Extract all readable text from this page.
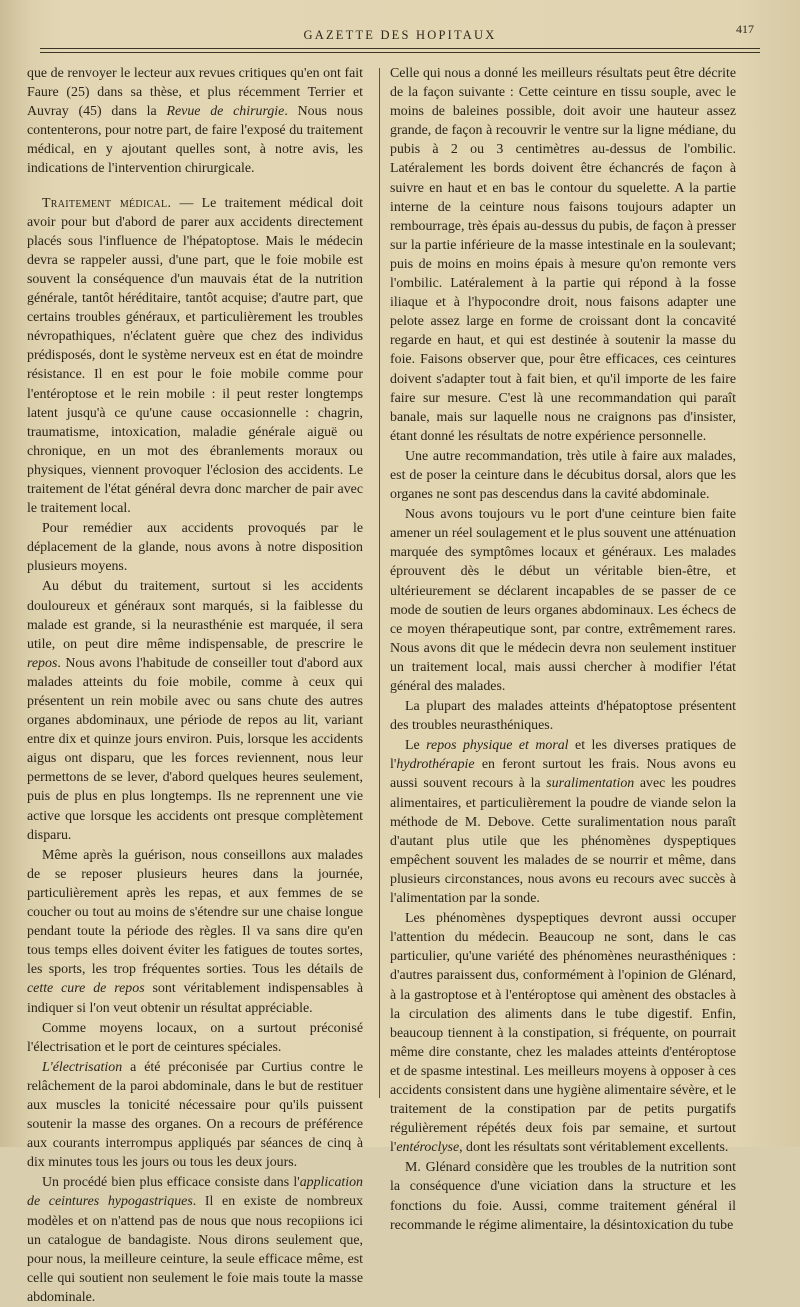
GAZETTE DES HOPITAUX	417

que de renvoyer le lecteur aux revues critiques qu'en ont fait Faure (25) dans sa thèse, et plus récemment Terrier et Auvray (45) dans la Revue de chirurgie. Nous nous contenterons, pour notre part, de faire l'exposé du traitement médical, en y ajoutant quelles sont, à notre avis, les indications de l'intervention chirurgicale.

Traitement médical. — Le traitement médical doit avoir pour but d'abord de parer aux accidents directement placés sous l'influence de l'hépatoptose. Mais le médecin devra se rappeler aussi, d'une part, que le foie mobile est souvent la conséquence d'un mauvais état de la nutrition générale, tantôt héréditaire, tantôt acquise; d'autre part, que certains troubles généraux, et particulièrement les troubles névropathiques, n'éclatent guère que chez des individus prédisposés, dont le système nerveux est en état de moindre résistance. Il en est pour le foie mobile comme pour l'entéroptose et le rein mobile : il peut rester longtemps latent jusqu'à ce qu'une cause occasionnelle : chagrin, traumatisme, intoxication, maladie générale aiguë ou chronique, en un mot des ébranlements moraux ou physiques, viennent provoquer l'éclosion des accidents. Le traitement de l'état général devra donc marcher de pair avec le traitement local.

Pour remédier aux accidents provoqués par le déplacement de la glande, nous avons à notre disposition plusieurs moyens.

Au début du traitement, surtout si les accidents douloureux et généraux sont marqués, si la faiblesse du malade est grande, si la neurasthénie est marquée, il sera utile, on peut dire même indispensable, de prescrire le repos. Nous avons l'habitude de conseiller tout d'abord aux malades atteints du foie mobile, comme à ceux qui présentent un rein mobile avec ou sans chute des autres organes abdominaux, une période de repos au lit, variant entre dix et quinze jours environ. Puis, lorsque les accidents aigus ont disparu, que les forces reviennent, nous leur permettons de se lever, d'abord quelques heures seulement, puis de plus en plus longtemps. Ils ne reprennent une vie active que lorsque les accidents ont presque complètement disparu.

Même après la guérison, nous conseillons aux malades de se reposer plusieurs heures dans la journée, particulièrement après les repas, et aux femmes de se coucher ou tout au moins de s'étendre sur une chaise longue pendant toute la période des règles. Il va sans dire qu'en tous temps elles doivent éviter les fatigues de toutes sortes, les sports, les trop fréquentes sorties. Tous les détails de cette cure de repos sont véritablement indispensables à indiquer si l'on veut obtenir un résultat appréciable.

Comme moyens locaux, on a surtout préconisé l'électrisation et le port de ceintures spéciales.

L'électrisation a été préconisée par Curtius contre le relâchement de la paroi abdominale, dans le but de restituer aux muscles la tonicité nécessaire pour qu'ils puissent soutenir la masse des organes. On a recours de préférence aux courants interrompus appliqués par séances de cinq à dix minutes tous les jours ou tous les deux jours.

Un procédé bien plus efficace consiste dans l'application de ceintures hypogastriques. Il en existe de nombreux modèles et on n'attend pas de nous que nous recopiions ici un catalogue de bandagiste. Nous dirons seulement que, pour nous, la meilleure ceinture, la seule efficace même, est celle qui soutient non seulement le foie mais toute la masse abdominale.

Celle qui nous a donné les meilleurs résultats peut être décrite de la façon suivante : Cette ceinture en tissu souple, avec le moins de baleines possible, doit avoir une hauteur assez grande, de façon à recouvrir le ventre sur la ligne médiane, du pubis à 2 ou 3 centimètres au-dessus de l'ombilic. Latéralement les bords doivent être échancrés de façon à suivre en haut et en bas le contour du squelette. A la partie interne de la ceinture nous faisons toujours adapter un rembourrage, très épais au-dessus du pubis, de façon à presser sur la partie inférieure de la masse intestinale en la soulevant; puis de moins en moins épais à mesure qu'on remonte vers l'ombilic. Latéralement à la partie qui répond à la fosse iliaque et à l'hypocondre droit, nous faisons adapter une pelote assez large en forme de croissant dont la concavité regarde en haut, et qui est destinée à soutenir la masse du foie. Faisons observer que, pour être efficaces, ces ceintures doivent s'adapter tout à fait bien, et qu'il importe de les faire faire sur mesure. C'est là une recommandation qui paraît banale, mais sur laquelle nous ne craignons pas d'insister, étant donné les résultats de notre expérience personnelle.

Une autre recommandation, très utile à faire aux malades, est de poser la ceinture dans le décubitus dorsal, alors que les organes ne sont pas descendus dans la cavité abdominale.

Nous avons toujours vu le port d'une ceinture bien faite amener un réel soulagement et le plus souvent une atténuation marquée des symptômes locaux et généraux. Les malades éprouvent dès le début un véritable bien-être, et ultérieurement se déclarent incapables de se passer de ce mode de soutien de leurs organes abdominaux. Les échecs de ce moyen thérapeutique sont, par contre, extrêmement rares. Nous avons dit que le médecin devra non seulement instituer un traitement local, mais aussi chercher à modifier l'état général des malades.

La plupart des malades atteints d'hépatoptose présentent des troubles neurasthéniques.

Le repos physique et moral et les diverses pratiques de l'hydrothérapie en feront surtout les frais. Nous avons eu aussi souvent recours à la suralimentation avec les poudres alimentaires, et particulièrement la poudre de viande selon la méthode de M. Debove. Cette suralimentation nous paraît d'autant plus utile que les phénomènes dyspeptiques empêchent souvent les malades de se nourrir et même, dans plusieurs circonstances, nous avons eu recours avec succès à l'alimentation par la sonde.

Les phénomènes dyspeptiques devront aussi occuper l'attention du médecin. Beaucoup ne sont, dans le cas particulier, qu'une variété des phénomènes neurasthéniques : d'autres paraissent dus, conformément à l'opinion de Glénard, à la gastroptose et à l'entéroptose qui amènent des obstacles à la circulation des aliments dans le tube digestif. Enfin, beaucoup tiennent à la constipation, si fréquente, on pourrait même dire constante, chez les malades atteints d'entéroptose et de spasme intestinal. Les meilleurs moyens à opposer à ces accidents consistent dans une hygiène alimentaire sévère, et le traitement de la constipation par de petits purgatifs régulièrement répétés deux fois par semaine, et surtout l'entéroclyse, dont les résultats sont véritablement excellents.

M. Glénard considère que les troubles de la nutrition sont la conséquence d'une viciation dans la structure et les fonctions du foie. Aussi, comme traitement général il recommande le régime alimentaire, la désintoxication du tube
